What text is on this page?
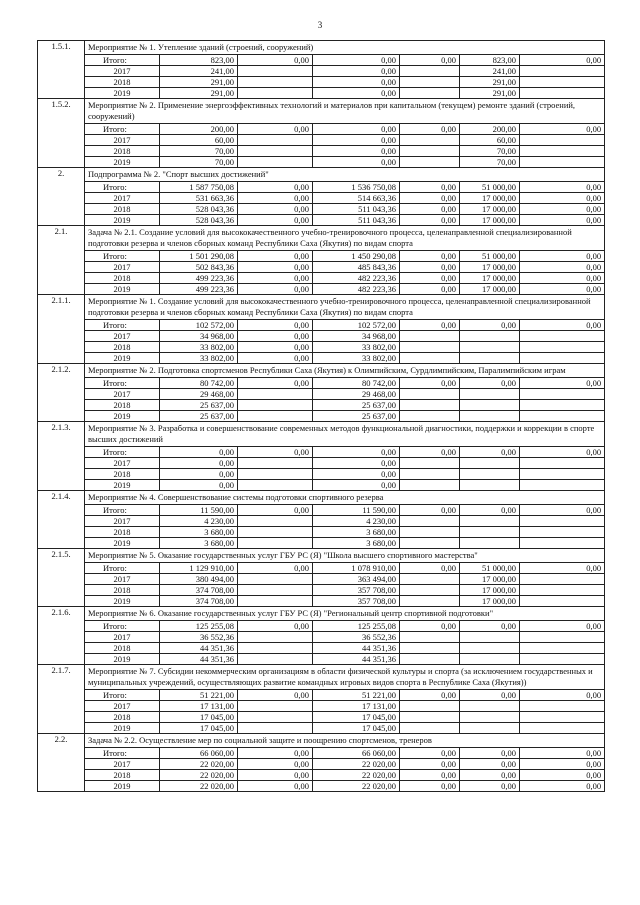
3
1.5.1.	Мероприятие № 1. Утепление зданий (строений, сооружений)						
	Итого:	823,00	0,00	0,00	0,00	823,00	0,00
	2017	241,00		0,00		241,00	
	2018	291,00		0,00		291,00	
	2019	291,00		0,00		291,00	
1.5.2.	Мероприятие № 2. Применение энергоэффективных технологий и материалов при капитальном (текущем) ремонте зданий (строений, сооружений)						
	Итого:	200,00	0,00	0,00	0,00	200,00	0,00
	2017	60,00		0,00		60,00	
	2018	70,00		0,00		70,00	
	2019	70,00		0,00		70,00	
2.	Подпрограмма № 2. "Спорт высших достижений"						
	Итого:	1 587 750,08	0,00	1 536 750,08	0,00	51 000,00	0,00
	2017	531 663,36	0,00	514 663,36	0,00	17 000,00	0,00
	2018	528 043,36	0,00	511 043,36	0,00	17 000,00	0,00
	2019	528 043,36	0,00	511 043,36	0,00	17 000,00	0,00
2.1.	Задача № 2.1. Создание условий для высококачественного учебно-тренировочного процесса, целенаправленной специализированной подготовки резерва и членов сборных команд Республики Саха (Якутия) по видам спорта						
	Итого:	1 501 290,08	0,00	1 450 290,08	0,00	51 000,00	0,00
	2017	502 843,36	0,00	485 843,36	0,00	17 000,00	0,00
	2018	499 223,36	0,00	482 223,36	0,00	17 000,00	0,00
	2019	499 223,36	0,00	482 223,36	0,00	17 000,00	0,00
2.1.1.	Мероприятие № 1. Создание условий для высококачественного учебно-тренировочного процесса, целенаправленной специализированной подготовки резерва и членов сборных команд Республики Саха (Якутия) по видам спорта						
	Итого:	102 572,00	0,00	102 572,00	0,00	0,00	0,00
	2017	34 968,00	0,00	34 968,00			
	2018	33 802,00	0,00	33 802,00			
	2019	33 802,00	0,00	33 802,00			
2.1.2.	Мероприятие № 2. Подготовка спортсменов Республики Саха (Якутия) к Олимпийским, Сурдлимпийским, Паралимпийским играм						
	Итого:	80 742,00	0,00	80 742,00	0,00	0,00	0,00
	2017	29 468,00		29 468,00			
	2018	25 637,00		25 637,00			
	2019	25 637,00		25 637,00			
2.1.3.	Мероприятие № 3. Разработка и совершенствование современных методов функциональной диагностики, поддержки и коррекции в спорте высших достижений						
	Итого:	0,00	0,00	0,00	0,00	0,00	0,00
	2017	0,00		0,00			
	2018	0,00		0,00			
	2019	0,00		0,00			
2.1.4.	Мероприятие № 4. Совершенствование системы подготовки спортивного резерва						
	Итого:	11 590,00	0,00	11 590,00	0,00	0,00	0,00
	2017	4 230,00		4 230,00			
	2018	3 680,00		3 680,00			
	2019	3 680,00		3 680,00			
2.1.5.	Мероприятие № 5. Оказание государственных услуг ГБУ РС (Я) "Школа высшего спортивного мастерства"						
	Итого:	1 129 910,00	0,00	1 078 910,00	0,00	51 000,00	0,00
	2017	380 494,00		363 494,00		17 000,00	
	2018	374 708,00		357 708,00		17 000,00	
	2019	374 708,00		357 708,00		17 000,00	
2.1.6.	Мероприятие № 6. Оказание государственных услуг ГБУ РС (Я) "Региональный центр спортивной подготовки"						
	Итого:	125 255,08	0,00	125 255,08	0,00	0,00	0,00
	2017	36 552,36		36 552,36			
	2018	44 351,36		44 351,36			
	2019	44 351,36		44 351,36			
2.1.7.	Мероприятие № 7. Субсидии некоммерческим организациям в области физической культуры и спорта (за исключением государственных и муниципальных учреждений, осуществляющих развитие командных игровых видов спорта в Республике Саха (Якутия))						
	Итого:	51 221,00	0,00	51 221,00	0,00	0,00	0,00
	2017	17 131,00		17 131,00			
	2018	17 045,00		17 045,00			
	2019	17 045,00		17 045,00			
2.2.	Задача № 2.2. Осуществление мер по социальной защите и поощрению спортсменов, тренеров						
	Итого:	66 060,00	0,00	66 060,00	0,00	0,00	0,00
	2017	22 020,00	0,00	22 020,00	0,00	0,00	0,00
	2018	22 020,00	0,00	22 020,00	0,00	0,00	0,00
	2019	22 020,00	0,00	22 020,00	0,00	0,00	0,00
